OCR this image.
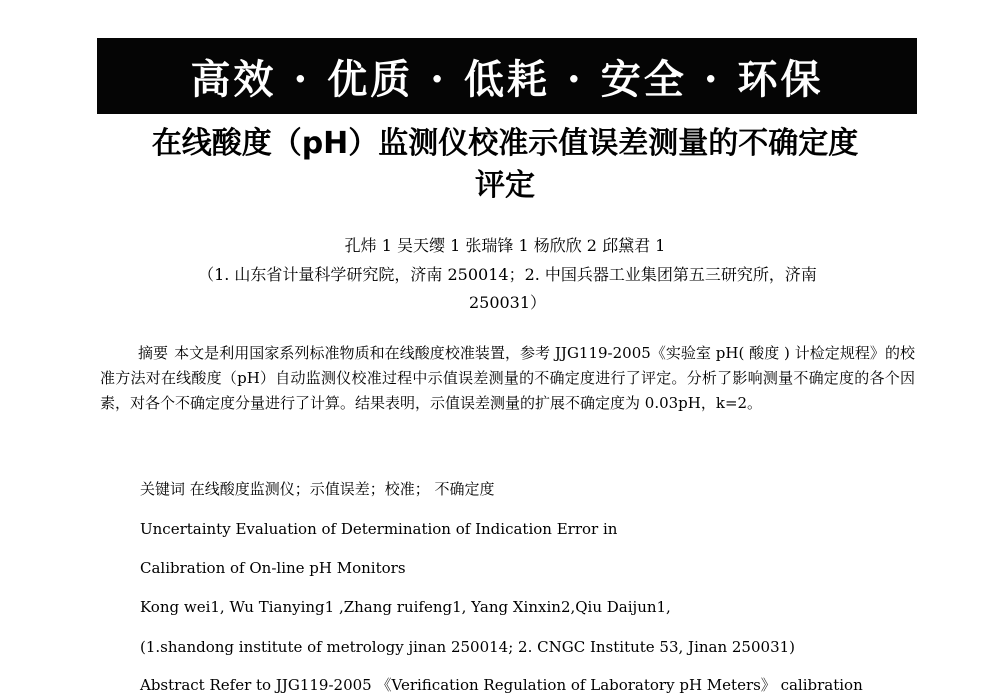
高效 · 优质 · 低耗 · 安全 · 环保
在线酸度（pH）监测仪校准示值误差测量的不确定度
评定
孔炜 1 吴天缨 1 张瑞锋 1 杨欣欣 2 邱黛君 1
（1. 山东省计量科学研究院，济南 250014；2. 中国兵器工业集团第五三研究所，济南
250031）
摘要 本文是利用国家系列标准物质和在线酸度校准装置，参考 JJG119-2005《实验室 pH( 酸度 ) 计检定规程》的校准方法对在线酸度（pH）自动监测仪校准过程中示值误差测量的不确定度进行了评定。分析了影响测量不确定度的各个因素，对各个不确定度分量进行了计算。结果表明，示值误差测量的扩展不确定度为 0.03pH，k=2。
关键词 在线酸度监测仪；示值误差；校准； 不确定度
Uncertainty Evaluation of Determination of Indication Error in
Calibration of On-line pH Monitors
Kong wei1, Wu Tianying1 ,Zhang ruifeng1, Yang Xinxin2,Qiu Daijun1,
(1.shandong institute of metrology jinan 250014; 2. CNGC Institute 53, Jinan 250031)
Abstract Refer to JJG119-2005 《Verification Regulation of Laboratory pH Meters》 calibration
